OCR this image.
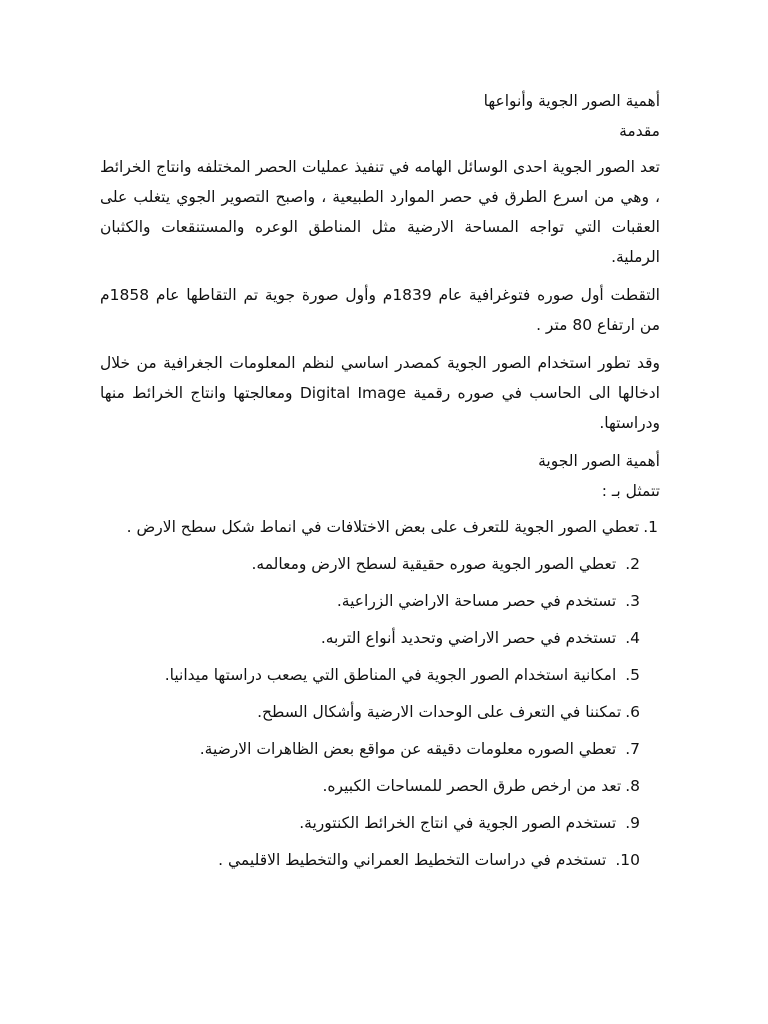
أهمية الصور الجوية وأنواعها

مقدمة

تعد الصور الجوية احدى الوسائل الهامه في تنفيذ عمليات الحصر المختلفه وانتاج الخرائط ، وهي من اسرع الطرق في حصر الموارد الطبيعية ، واصبح التصوير الجوي يتغلب على العقبات التي تواجه المساحة الارضية مثل المناطق الوعره والمستنقعات والكثبان الرملية.

التقطت أول صوره فتوغرافية عام 1839م وأول صورة جوية تم التقاطها عام 1858م من ارتفاع 80 متر .

وقد تطور استخدام الصور الجوية كمصدر اساسي لنظم المعلومات الجغرافية من خلال ادخالها الى الحاسب في صوره رقمية Digital Image ومعالجتها وانتاج الخرائط منها ودراستها.

أهمية الصور الجوية

تتمثل بـ :

1.تعطي الصور الجوية للتعرف على بعض الاختلافات في انماط شكل سطح الارض .
2. تعطي الصور الجوية صوره حقيقية لسطح الارض ومعالمه.
3. تستخدم في حصر مساحة الاراضي الزراعية.
4. تستخدم في حصر الاراضي وتحديد أنواع التربه.
5. امكانية استخدام الصور الجوية في المناطق التي يصعب دراستها ميدانيا.
6.تمكننا في التعرف على الوحدات الارضية وأشكال السطح.
7. تعطي الصوره معلومات دقيقه عن مواقع بعض الظاهرات الارضية.
8.تعد من ارخص طرق الحصر للمساحات الكبيره.
9. تستخدم الصور الجوية في انتاج الخرائط الكنتورية.
10. تستخدم في دراسات التخطيط العمراني والتخطيط الاقليمي .
